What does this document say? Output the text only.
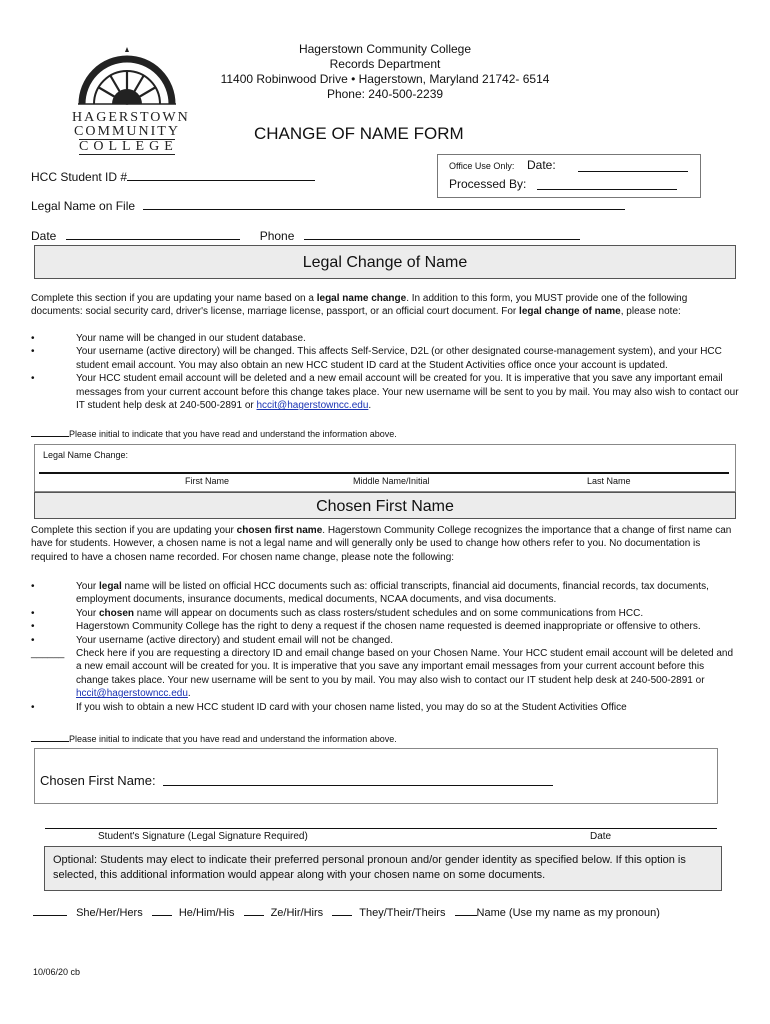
HAGERSTOWN
COMMUNITY
COLLEGE
Hagerstown Community College
Records Department
11400 Robinwood Drive • Hagerstown, Maryland 21742- 6514
Phone: 240-500-2239
CHANGE OF NAME FORM
Office Use Only: Date:
Processed By:
HCC Student ID #
Legal Name on File
Date	Phone
Legal Change of Name
Complete this section if you are updating your name based on a legal name change. In addition to this form, you MUST provide one of the following documents: social security card, driver's license, marriage license, passport, or an official court document. For legal change of name, please note:
•	Your name will be changed in our student database.
•	Your username (active directory) will be changed. This affects Self-Service, D2L (or other designated course-management system), and your HCC student email account. You may also obtain an new HCC student ID card at the Student Activities office once your account is updated.
•	Your HCC student email account will be deleted and a new email account will be created for you. It is imperative that you save any important email messages from your current account before this change takes place. Your new username will be sent to you by mail. You may also wish to contact our IT student help desk at 240-500-2891 or hccit@hagerstowncc.edu.
Please initial to indicate that you have read and understand the information above.
Legal Name Change:
First Name	Middle Name/Initial	Last Name
Chosen First Name
Complete this section if you are updating your chosen first name. Hagerstown Community College recognizes the importance that a change of first name can have for students. However, a chosen name is not a legal name and will generally only be used to change how others refer to you. No documentation is required to have a chosen name recorded. For chosen name change, please note the following:
•	Your legal name will be listed on official HCC documents such as: official transcripts, financial aid documents, financial records, tax documents, employment documents, insurance documents, medical documents, NCAA documents, and visa documents.
•	Your chosen name will appear on documents such as class rosters/student schedules and on some communications from HCC.
•	Hagerstown Community College has the right to deny a request if the chosen name requested is deemed inappropriate or offensive to others.
•	Your username (active directory) and student email will not be changed.
______ Check here if you are requesting a directory ID and email change based on your Chosen Name. Your HCC student email account will be deleted and a new email account will be created for you. It is imperative that you save any important email messages from your current account before this change takes place. Your new username will be sent to you by mail. You may also wish to contact our IT student help desk at 240-500-2891 or hccit@hagerstowncc.edu.
•	If you wish to obtain a new HCC student ID card with your chosen name listed, you may do so at the Student Activities Office
Please initial to indicate that you have read and understand the information above.
Chosen First Name:
Student's Signature (Legal Signature Required)	Date
Optional: Students may elect to indicate their preferred personal pronoun and/or gender identity as specified below. If this option is selected, this additional information would appear along with your chosen name on some documents.
She/Her/Hers	He/Him/His	Ze/Hir/Hirs	They/Their/Theirs	Name (Use my name as my pronoun)
10/06/20 cb
